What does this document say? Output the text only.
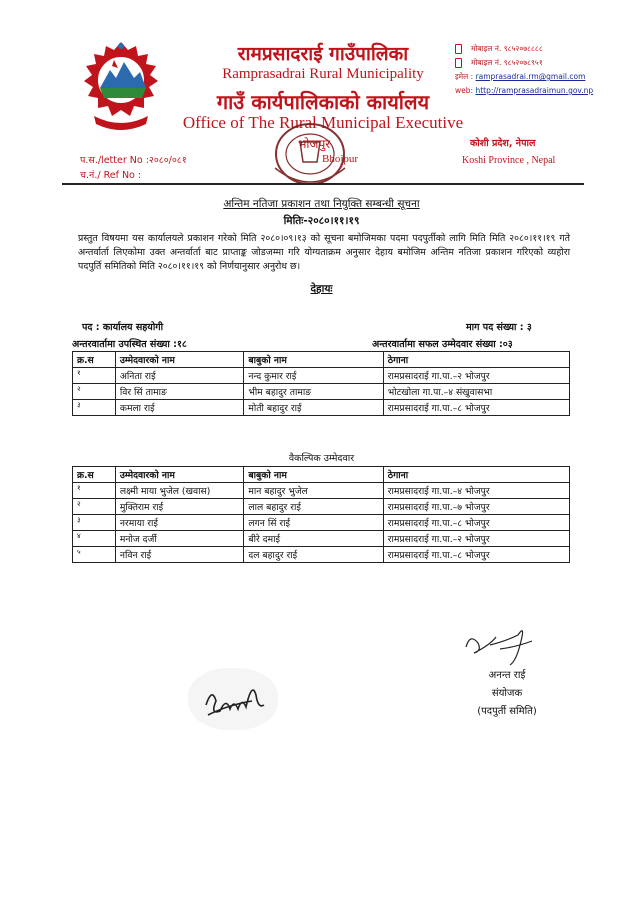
रामप्रसादराई गाउँपालिका
Ramprasadrai Rural Municipality
गाउँ कार्यपालिकाको कार्यालय
Office of The Rural Municipal Executive
मोबाइल नं. ९८५२०७८८८८
मोबाइल नं. ९८५२०७८९५१
इमेल : ramprasadrai.rm@gmail.com
web: http://ramprasadraimun.gov.np
कोशी प्रदेश, नेपाल
Koshi Province , Nepal
भोजपुर
Bhojpur
प.स./letter No :२०८०/०८१
च.नं./ Ref No :
अन्तिम नतिजा प्रकाशन तथा नियुक्ति सम्बन्धी सूचना
मितिः-२०८०।११।१९
प्रस्तुत विषयमा यस कार्यालयले प्रकाशन गरेको मिति २०८०।०९।१३ को सूचना बमोजिमका पदमा पदपुर्तीको लागि मिति मिति २०८०।११।१९ गते अन्तर्वार्ता लिएकोमा उक्त अन्तर्वार्ता बाट प्राप्ताङ्क जोडजम्मा गरि योग्यताक्रम अनुसार देहाय बमोजिम अन्तिम नतिजा प्रकाशन गरिएको व्यहोरा पदपुर्ति समितिको मिति २०८०।११।१९ को निर्णयानुसार अनुरोध छ।
देहायः
पद : कार्यालय सहयोगी	माग पद संख्या : ३
अन्तरवार्तामा उपस्थित संख्या :१८	अन्तरवार्तामा सफल उम्मेदवार संख्या :०३
क्र.स	उम्मेदवारको नाम	बाबुको नाम	ठेगाना
१	अनिता राई	नन्द कुमार राई	रामप्रसादराई गा.पा.–२ भोजपुर
२	विर सिं तामाङ	भीम बहादुर तामाङ	भोटखोला गा.पा.–४ संखुवासभा
३	कमला राई	मोती बहादुर राई	रामप्रसादराई गा.पा.–८ भोजपुर
वैकल्पिक उम्मेदवार
क्र.स	उम्मेदवारको नाम	बाबुको नाम	ठेगाना
१	लक्ष्मी माया भुजेल (खवास)	मान बहादुर भुजेल	रामप्रसादराई गा.पा.–४ भोजपुर
२	मुक्तिराम राई	लाल बहादुर राई	रामप्रसादराई गा.पा.–७ भोजपुर
३	नरमाया राई	लगन सिं राई	रामप्रसादराई गा.पा.–८ भोजपुर
४	मनोज दर्जी	बीरे दमाई	रामप्रसादराई गा.पा.–२ भोजपुर
५	नविन राई	दल बहादुर राई	रामप्रसादराई गा.पा.–८ भोजपुर
अनन्त राई
संयोजक
(पदपुर्ती समिति)
